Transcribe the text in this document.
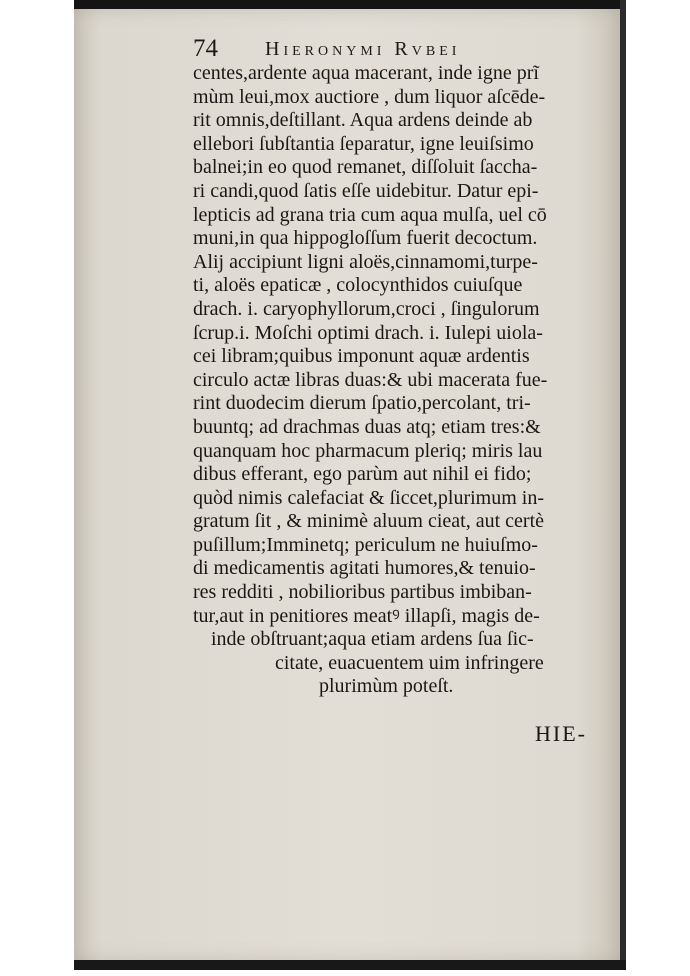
74 Hieronymi Rvbei
centes,ardente aqua macerant, inde igne prĩ
mùm leui,mox auctiore , dum liquor aſcēde-
rit omnis,deſtillant. Aqua ardens deinde ab
ellebori ſubſtantia ſeparatur, igne leuiſsimo
balnei;in eo quod remanet, diſſoluit ſaccha-
ri candi,quod ſatis eſſe uidebitur. Datur epi-
lepticis ad grana tria cum aqua mulſa, uel cō
muni,in qua hippogloſſum fuerit decoctum.
Alij accipiunt ligni aloës,cinnamomi,turpe-
ti, aloës epaticæ , colocynthidos cuiuſque
drach. i. caryophyllorum,croci , ſingulorum
ſcrup.i. Moſchi optimi drach. i. Iulepi uiola-
cei libram;quibus imponunt aquæ ardentis
circulo actæ libras duas:& ubi macerata fue-
rint duodecim dierum ſpatio,percolant, tri-
buuntq; ad drachmas duas atq; etiam tres:&
quanquam hoc pharmacum pleriq; miris lau
dibus efferant, ego parùm aut nihil ei fido;
quòd nimis calefaciat & ſiccet,plurimum in-
gratum ſit , & minimè aluum cieat, aut certè
puſillum;Imminetq; periculum ne huiuſmo-
di medicamentis agitati humores,& tenuio-
res redditi , nobilioribus partibus imbiban-
tur,aut in penitiores meatꝰ illapſi, magis de-
inde obſtruant;aqua etiam ardens ſua ſic-
citate, euacuentem uim infringere
plurimùm poteſt.
HIE-
